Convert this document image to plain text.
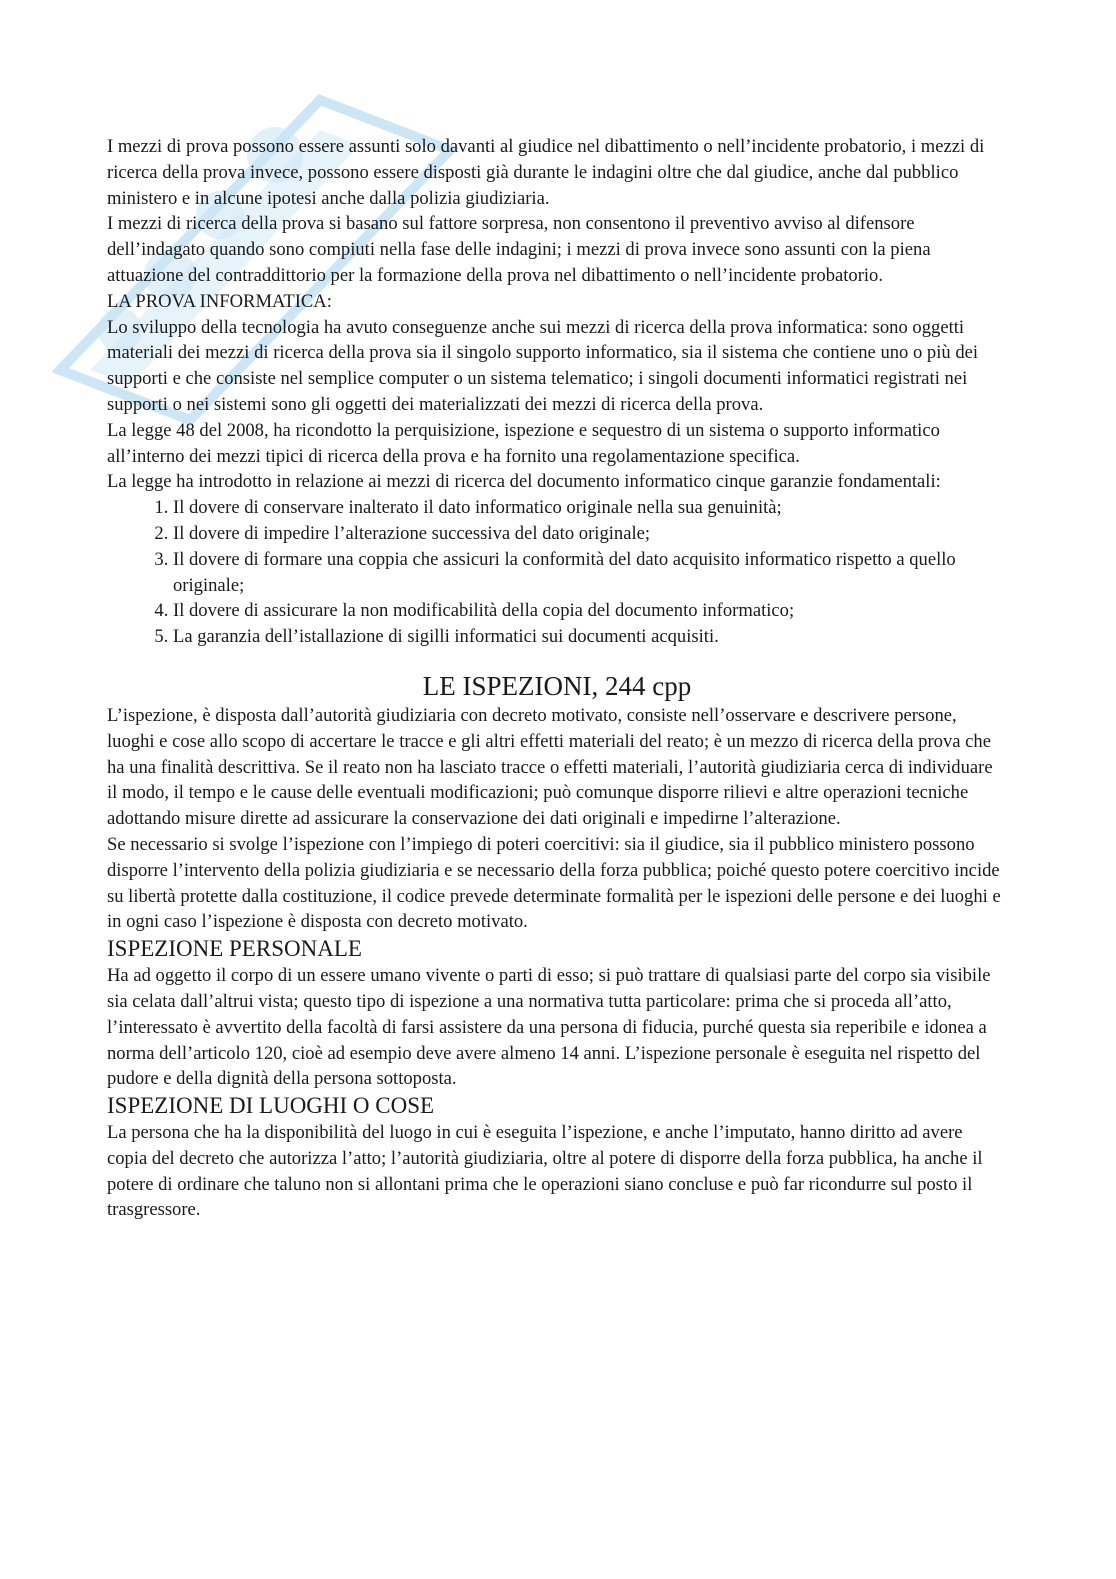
I mezzi di prova possono essere assunti solo davanti al giudice nel dibattimento o nell’incidente probatorio, i mezzi di ricerca della prova invece, possono essere disposti già durante le indagini oltre che dal giudice, anche dal pubblico ministero e in alcune ipotesi anche dalla polizia giudiziaria.

I mezzi di ricerca della prova si basano sul fattore sorpresa, non consentono il preventivo avviso al difensore dell’indagato quando sono compiuti nella fase delle indagini; i mezzi di prova invece sono assunti con la piena attuazione del contraddittorio per la formazione della prova nel dibattimento o nell’incidente probatorio.

LA PROVA INFORMATICA:

Lo sviluppo della tecnologia ha avuto conseguenze anche sui mezzi di ricerca della prova informatica: sono oggetti materiali dei mezzi di ricerca della prova sia il singolo supporto informatico, sia il sistema che contiene uno o più dei supporti e che consiste nel semplice computer o un sistema telematico; i singoli documenti informatici registrati nei supporti o nei sistemi sono gli oggetti dei materializzati dei mezzi di ricerca della prova.

La legge 48 del 2008, ha ricondotto la perquisizione, ispezione e sequestro di un sistema o supporto informatico all’interno dei mezzi tipici di ricerca della prova e ha fornito una regolamentazione specifica.

La legge ha introdotto in relazione ai mezzi di ricerca del documento informatico cinque garanzie fondamentali:

1. Il dovere di conservare inalterato il dato informatico originale nella sua genuinità;
2. Il dovere di impedire l’alterazione successiva del dato originale;
3. Il dovere di formare una coppia che assicuri la conformità del dato acquisito informatico rispetto a quello originale;
4. Il dovere di assicurare la non modificabilità della copia del documento informatico;
5. La garanzia dell’istallazione di sigilli informatici sui documenti acquisiti.
LE ISPEZIONI, 244 cpp

L’ispezione, è disposta dall’autorità giudiziaria con decreto motivato, consiste nell’osservare e descrivere persone, luoghi e cose allo scopo di accertare le tracce e gli altri effetti materiali del reato; è un mezzo di ricerca della prova che ha una finalità descrittiva. Se il reato non ha lasciato tracce o effetti materiali, l’autorità giudiziaria cerca di individuare il modo, il tempo e le cause delle eventuali modificazioni; può comunque disporre rilievi e altre operazioni tecniche adottando misure dirette ad assicurare la conservazione dei dati originali e impedirne l’alterazione.

Se necessario si svolge l’ispezione con l’impiego di poteri coercitivi: sia il giudice, sia il pubblico ministero possono disporre l’intervento della polizia giudiziaria e se necessario della forza pubblica; poiché questo potere coercitivo incide su libertà protette dalla costituzione, il codice prevede determinate formalità per le ispezioni delle persone e dei luoghi e in ogni caso l’ispezione è disposta con decreto motivato.

ISPEZIONE PERSONALE

Ha ad oggetto il corpo di un essere umano vivente o parti di esso; si può trattare di qualsiasi parte del corpo sia visibile sia celata dall’altrui vista; questo tipo di ispezione a una normativa tutta particolare: prima che si proceda all’atto, l’interessato è avvertito della facoltà di farsi assistere da una persona di fiducia, purché questa sia reperibile e idonea a norma dell’articolo 120, cioè ad esempio deve avere almeno 14 anni. L’ispezione personale è eseguita nel rispetto del pudore e della dignità della persona sottoposta.

ISPEZIONE DI LUOGHI O COSE

La persona che ha la disponibilità del luogo in cui è eseguita l’ispezione, e anche l’imputato, hanno diritto ad avere copia del decreto che autorizza l’atto; l’autorità giudiziaria, oltre al potere di disporre della forza pubblica, ha anche il potere di ordinare che taluno non si allontani prima che le operazioni siano concluse e può far ricondurre sul posto il trasgressore.
